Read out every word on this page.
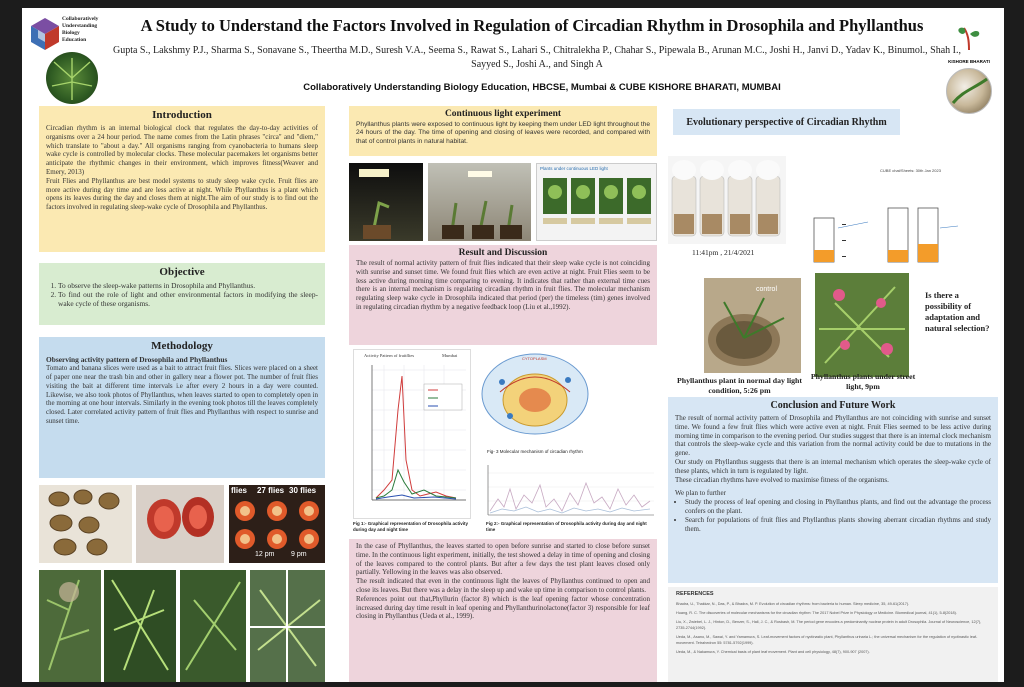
Collaboratively
Understanding
Biology
Education
A Study to Understand the Factors Involved in Regulation of Circadian Rhythm in Drosophila and Phyllanthus
Gupta S., Lakshmy P.J., Sharma S., Sonavane S., Theertha M.D., Suresh V.A., Seema S., Rawat S., Lahari S., Chitralekha P., Chahar S., Pipewala B., Arunan M.C., Joshi H., Janvi D., Yadav K., Binumol., Shah I., Sayyed S., Joshi A., and Singh A
Collaboratively Understanding Biology Education, HBCSE, Mumbai & CUBE KISHORE BHARATI, MUMBAI
KISHORE BHARATI
Introduction

Circadian rhythm is an internal biological clock that regulates the day-to-day activities of organisms over a 24 hour period. The name comes from the Latin phrases "circa" and "diem," which translate to "about a day." All organisms ranging from cyanobacteria to humans sleep wake cycle is controlled by molecular clocks. These molecular pacemakers let organisms better anticipate the rhythmic changes in their environment, which improves fitness(Weaver and Emery, 2013)

Fruit Flies and Phyllanthus are best model systems to study sleep wake cycle. Fruit flies are more active during day time and are less active at night. While Phyllanthus is a plant which opens its leaves during the day and closes them at night.The aim of our study is to find out the factors involved in regulating sleep-wake cycle of Drosophila and Phyllanthus.

Objective
1. To observe the sleep-wake patterns in Drosophila and Phyllanthus.
2. To find out the role of light and other environmental factors in modifying the sleep-wake cycle of these organisms.
Methodology
Observing activity pattern of Drosophila and Phyllanthus
Tomato and banana slices were used as a bait to attract fruit flies. Slices were placed on a sheet of paper one near the trash bin and other in gallery near a flower pot. The number of fruit flies visiting the bait at different time intervals i.e after every 2 hours in a day were counted. Likewise, we also took photos of Phyllanthus, when leaves started to open to completely open in the morning at one hour intervals. Similarly in the evening took photos till the leaves completely closed. Later correlated activity pattern of fruit flies and Phyllanthus with respect to sunrise and sunset time.
flies 27 flies 30 flies
12 pm 9 pm
Continuous light experiment
Phyllanthus plants were exposed to continuous light by keeping them under LED light throughout the 24 hours of the day. The time of opening and closing of leaves were recorded, and compared with that of control plants in natural habitat.
Plants under continuous LED light
Result and Discussion
The result of normal activity pattern of fruit flies indicated that their sleep wake cycle is not coinciding with sunrise and sunset time. We found fruit flies which are even active at night. Fruit Flies seem to be less active during morning time comparing to evening. It indicates that rather than external time cues there is an internal mechanism is regulating circadian rhythm in fruit flies. The molecular mechanism regulating sleep wake cycle in Drosophila indicated that period (per) the timeless (tim) genes involved in regulating circadian rhythm by a negative feedback loop (Liu et al.,1992).
Activity Pattern of fruitflies	Mumbai
Fig 1:- Graphical representation of Drosophila activity during day and night time
CYTOPLASM
Fig- 3 Molecular mechanism of circadian rhythm
Fig 2:- Graphical representation of Drosophila activity during day and night time
In the case of Phyllanthus, the leaves started to open before sunrise and started to close before sunset time. In the continuous light experiment, initially, the test showed a delay in time of opening and closing of the leaves compared to the control plants. But after a few days the test plant leaves closed only partially. Yellowing in the leaves was also observed.
The result indicated that even in the continuous light the leaves of Phyllanthus continued to open and close its leaves. But there was a delay in the sleep up and wake up time in comparison to control plants.
References point out that,Phyllurin (factor 8) which is the leaf opening factor whose concentration increased during day time result in leaf opening and Phyllanthurinolactone(factor 3) responsible for leaf closing in Phyllanthus (Ueda et al., 1999).
Evolutionary perspective of Circadian Rhythm
CUBE chat/Sheets: 30th Jan 2023
11:41pm , 21/4/2021
control
Phyllanthus plant in normal day light condition, 5:26 pm
Phyllanthus plants under street light, 9pm
Is there a possibility of adaptation and natural selection?
Conclusion and Future Work
The result of normal activity pattern of Drosophila and Phyllanthus are not coinciding with sunrise and sunset time. We found a few fruit flies which were active even at night. Fruit Flies seemed to be less active during morning time in comparison to the evening period. Our studies suggest that there is an internal clock mechanism that controls the sleep-wake cycle and this variation from the normal activity could be due to mutations in the gene.
Our study on Phyllanthus suggests that there is an internal mechanism which operates the sleep-wake cycle of these plants, which in turn is regulated by light.
These circadian rhythms have evolved to maximise fitness of the organisms.
We plan to further
• Study the process of leaf opening and closing in Phyllanthus plants, and find out the advantage the process confers on the plant.
• Search for populations of fruit flies and Phyllanthus plants showing aberrant circadian rhythms and study them.
REFERENCES

Bhadra, U., Thakkar, N., Das, P., & Bhadra, M. P. Evolution of circadian rhythms: from bacteria to human. Sleep medicine, 35, 49-61(2017).

Huang, R. C. The discoveries of molecular mechanisms for the circadian rhythm: The 2017 Nobel Prize in Physiology or Medicine. Biomedical journal, 41(1), 5-8(2018).

Liu, X., Zwiebel, L. J., Hinton, D., Benzer, S., Hall, J. C., & Rosbash, M. The period gene encodes a predominantly nuclear protein in adult Drosophila. Journal of Neuroscience, 12(7), 2735-2744(1992).

Ueda, M., Asano, M., Sawai, Y. and Yamamura, S. Leaf-movement factors of nyctinastic plant, Phyllanthus urinaria L.; the universal mechanism for the regulation of nyctinastic leaf-movement. Tetrahedron 55: 5781-5792(1999).

Ueda, M., & Nakamura, Y. Chemical basis of plant leaf movement. Plant and cell physiology, 48(7), 900-907 (2007).
